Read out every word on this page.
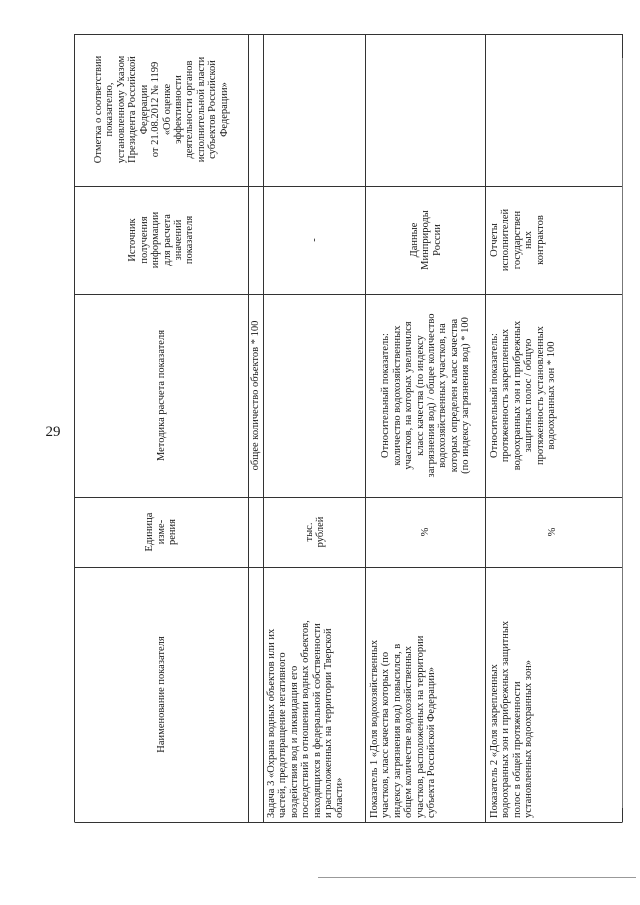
29
Наименование показателя
Единица изме- рения
Методика расчета показателя
Источник получения информации для расчета значений показателя
Отметка о соответствии показателю, установленному Указом Президента Российской Федерации от 21.08.2012 № 1199 «Об оценке эффективности деятельности органов исполнительной власти субъектов Российской Федерации»
общее количество объектов * 100
Задача 3 «Охрана водных объектов или их частей, предотвращение негативного воздействия вод и ликвидация его последствий в отношении водных объектов, находящихся в федеральной собственности и расположенных на территории Тверской области»
тыс. рублей
-
Показатель 1 «Доля водохозяйственных участков, класс качества которых (по индексу загрязнения вод) повысился, в общем количестве водохозяйственных участков, расположенных на территории субъекта Российской Федерации»
%
Относительный показатель: количество водохозяйственных участков, на которых увеличился класс качества (по индексу загрязнения вод) / общее количество водохозяйственных участков, на которых определен класс качества (по индексу загрязнения вод) * 100
Данные Минприроды России
Показатель 2 «Доля закрепленных водоохранных зон и прибрежных защитных полос в общей протяженности установленных водоохранных зон»
%
Относительный показатель: протяженность закрепленных водоохранных зон и прибрежных защитных полос / общую протяженность установленных водоохранных зон * 100
Отчеты исполнителей государствен ных контрактов
